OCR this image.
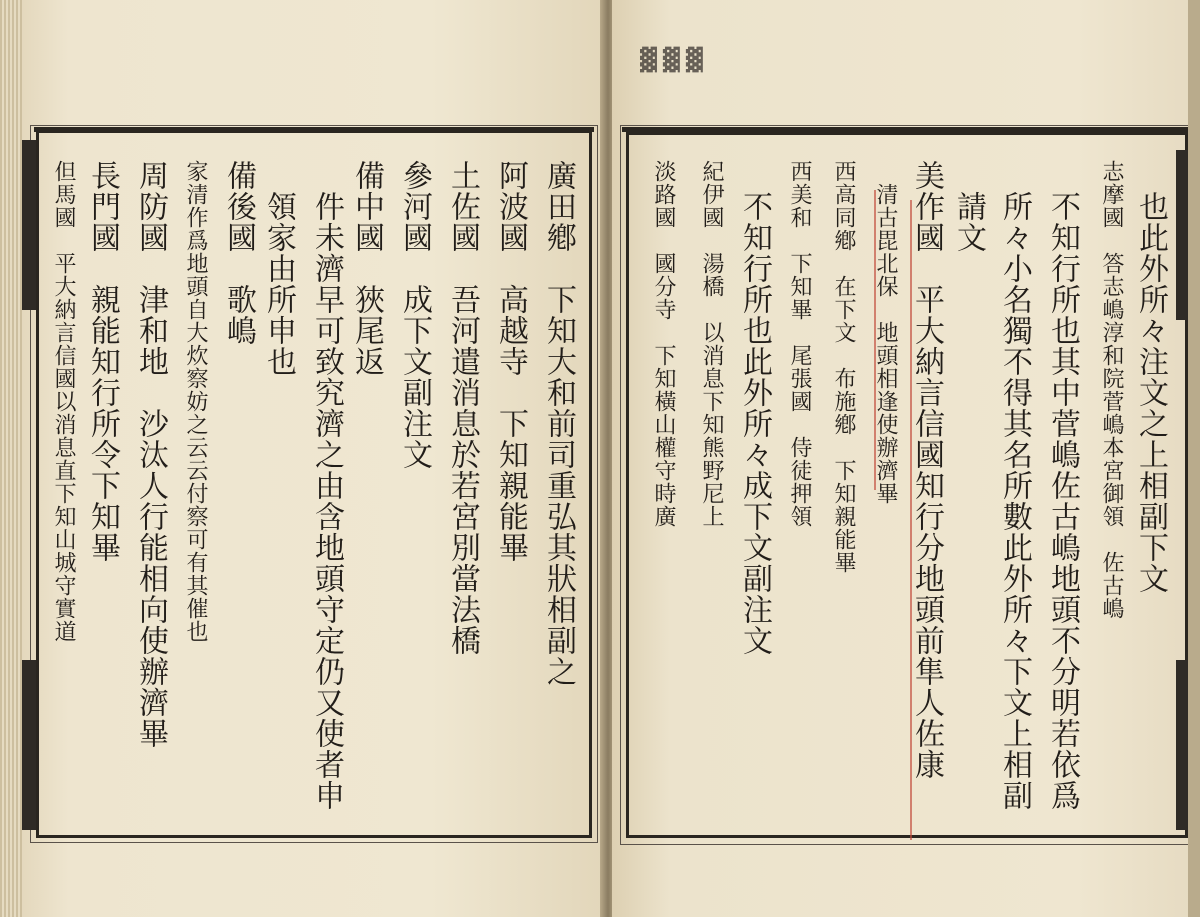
廣田鄕　下知大和前司重弘其狀相副之
阿波國　高越寺　下知親能畢
土佐國　吾河遣消息於若宮別當法橋
參河國　成下文副注文
備中國　狹尾返
　件未濟早可致究濟之由含地頭守定仍又使者申
　領家由所申也
備後國　歌嶋
家清作爲地頭自大炊察妨之云云付察可有其催也
周防國　津和地　沙汰人行能相向使辦濟畢
長門國　親能知行所令下知畢
但馬國　平大納言信國以消息直下知山城守實道	　也此外所々注文之上相副下文
志摩國　答志嶋淳和院菅嶋本宮御領　佐古嶋
　不知行所也其中菅嶋佐古嶋地頭不分明若依爲
　所々小名獨不得其名所數此外所々下文上相副
　請文
美作國　平大納言信國知行分地頭前隼人佐康
　清古毘北保　地頭相逢使辦濟畢
西高同鄕　在下文　布施鄕　下知親能畢
西美和　下知畢　尾張國　侍徒押領
　不知行所也此外所々成下文副注文
紀伊國　湯橋　以消息下知熊野尼上
淡路國　國分寺　下知橫山權守時廣
▓▓▓
